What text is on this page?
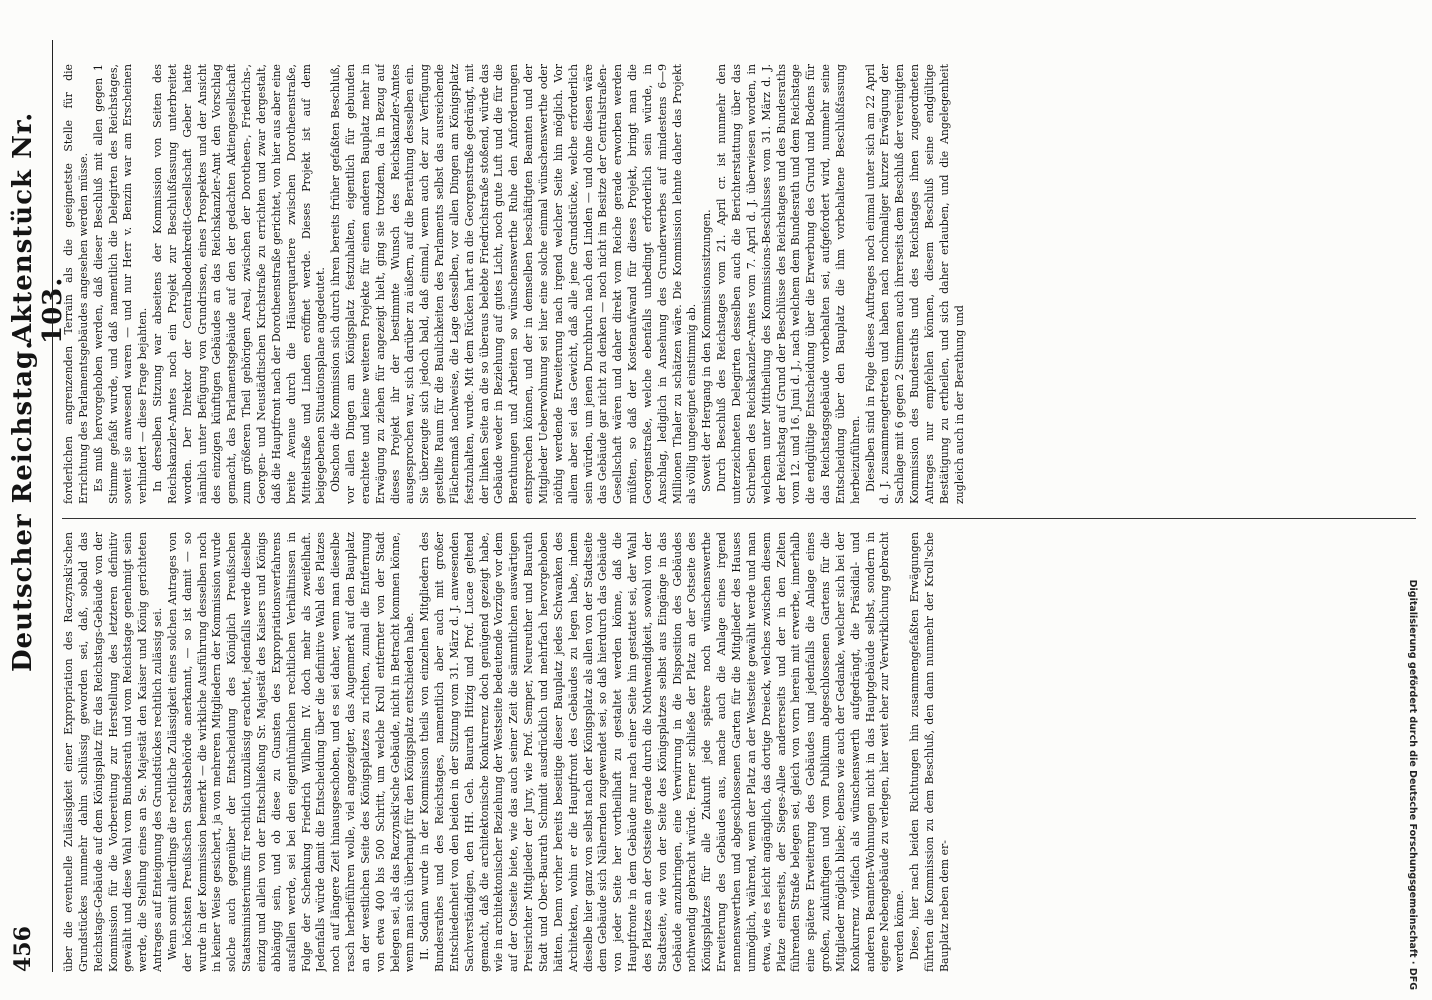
456
Deutscher Reichstag.
Aktenstück Nr. 103.

über die eventuelle Zulässigkeit einer Expropriation des Raczynski'schen Grundstückes nunmehr dahin schlüssig geworden sei, daß, sobald das Reichstags-Gebäude auf dem Königsplatz für das Reichstags-Gebäude von der Kommission für die Vorbereitung zur Herstellung des letzteren definitiv gewählt und diese Wahl vom Bundesrath und vom Reichstage genehmigt sein werde, die Stellung eines an Se. Majestät den Kaiser und König gerichteten Antrages auf Enteignung des Grundstückes rechtlich zulässig sei. Wenn somit allerdings die rechtliche Zulässigkeit eines solchen Antrages von der höchsten Preußischen Staatsbehörde anerkannt, — so ist damit — so wurde in der Kommission bemerkt — die wirkliche Ausführung desselben noch in keiner Weise gesichert, ja von mehreren Mitgliedern der Kommission wurde solche auch gegenüber der Entscheidung des Königlich Preußischen Staatsministeriums für rechtlich unzulässig erachtet, jedenfalls werde dieselbe einzig und allein von der Entschließung Sr. Majestät des Kaisers und Königs abhängig sein, und ob diese zu Gunsten des Expropriationsverfahrens ausfallen werde, sei bei den eigenthümlichen rechtlichen Verhältnissen in Folge der Schenkung Friedrich Wilhelm IV. doch mehr als zweifelhaft. Jedenfalls würde damit die Entscheidung über die definitive Wahl des Platzes noch auf längere Zeit hinausgeschoben, und es sei daher, wenn man dieselbe rasch herbeiführen wolle, viel angezeigter, das Augenmerk auf den Bauplatz an der westlichen Seite des Königsplatzes zu richten, zumal die Entfernung von etwa 400 bis 500 Schritt, um welche Kroll entfernter von der Stadt belegen sei, als das Raczynski'sche Gebäude, nicht in Betracht kommen könne, wenn man sich überhaupt für den Königsplatz entschieden habe. II. Sodann wurde in der Kommission theils von einzelnen Mitgliedern des Bundesrathes und des Reichstages, namentlich aber auch mit großer Entschiedenheit von den beiden in der Sitzung vom 31. März d. J. anwesenden Sachverständigen, den HH. Geh. Baurath Hitzig und Prof. Lucae geltend gemacht, daß die architektonische Konkurrenz doch genügend gezeigt habe, wie in architektonischer Beziehung der Westseite bedeutende Vorzüge vor dem auf der Ostseite biete, wie das auch seiner Zeit die sämmtlichen auswärtigen Preisrichter Mitglieder der Jury, wie Prof. Semper, Neureuther und Baurath Stadt und Ober-Baurath Schmidt ausdrücklich und mehrfach hervorgehoben hätten. Denn vorher bereits beseitige dieser Bauplatz jedes Schwanken des Architekten, wohin er die Hauptfront des Gebäudes zu legen habe, indem dieselbe hier ganz von selbst nach der Königsplatz als allen von der Stadtseite dem Gebäude sich Nähernden zugewendet sei, so daß hierdurch das Gebäude von jeder Seite her vortheilhaft zu gestaltet werden könne, daß die Hauptfronte in dem Gebäude nur nach einer Seite hin gestattet sei, der Wahl des Platzes an der Ostseite gerade durch die Nothwendigkeit, sowohl von der Stadtseite, wie von der Seite des Königsplatzes selbst aus Eingänge in das Gebäude anzubringen, eine Verwirrung in die Disposition des Gebäudes nothwendig gebracht würde. Ferner schließe der Platz an der Ostseite des Königsplatzes für alle Zukunft jede spätere noch wünschenswerthe Erweiterung des Gebäudes aus, mache auch die Anlage eines irgend nennenswerthen und abgeschlossenen Garten für die Mitglieder des Hauses unmöglich, während, wenn der Platz an der Westseite gewählt werde und man etwa, wie es leicht angänglich, das dortige Dreieck, welches zwischen diesem Platze einerseits, der Sieges-Allee andererseits und der in den Zelten führenden Straße belegen sei, gleich von vorn herein mit erwerbe, innerhalb eine spätere Erweiterung des Gebäudes und jedenfalls die Anlage eines großen, zukünftigen und vom Publikum abgeschlossenen Gartens für die Mitglieder möglich bliebe; ebenso wie auch der Gedanke, welcher sich bei der Konkurrenz vielfach als wünschenswerth aufgedrängt, die Präsidial- und anderen Beamten-Wohnungen nicht in das Hauptgebäude selbst, sondern in eigene Nebengebäude zu verlegen, hier weit eher zur Verwirklichung gebracht werden könne. Diese, hier nach beiden Richtungen hin zusammengefaßten Erwägungen führten die Kommission zu dem Beschluß, den dann nunmehr der Kroll'sche Bauplatz neben dem er-

forderlichen angrenzenden Terrain als die geeignetste Stelle für die Errichtung des Parlamentsgebäudes angesehen werden müsse. Es muß hervorgehoben werden, daß dieser Beschluß mit allen gegen 1 Stimme gefaßt wurde, und daß namentlich die Delegirten des Reichstages, soweit sie anwesend waren — und nur Herr v. Benzin war am Erscheinen verhindert — diese Frage bejahten. In derselben Sitzung war abseitens der Kommission von Seiten des Reichskanzler-Amtes noch ein Projekt zur Beschlußfassung unterbreitet worden. Der Direktor der Centralbodenkredit-Gesellschaft Geber hatte nämlich unter Befügung von Grundrissen, eines Prospektes und der Ansicht des einzigen künftigen Gebäudes an das Reichskanzler-Amt den Vorschlag gemacht, das Parlamentsgebäude auf den der gedachten Aktiengesellschaft zum größeren Theil gehörigen Areal, zwischen der Dorotheen-, Friedrichs-, Georgen- und Neustädtischen Kirchstraße zu errichten und zwar dergestalt, daß die Hauptfront nach der Dorotheenstraße gerichtet, von hier aus aber eine breite Avenue durch die Häuserquartiere zwischen Dorotheenstraße, Mittelstraße und Linden eröffnet werde. Dieses Projekt ist auf dem beigegebenen Situationsplane angedeutet. Obschon die Kommission sich durch ihren bereits früher gefaßten Beschluß, vor allen Dingen am Königsplatz festzuhalten, eigentlich für gebunden erachtete und keine weiteren Projekte für einen anderen Bauplatz mehr in Erwägung zu ziehen für angezeigt hielt, ging sie trotzdem, da in Bezug auf dieses Projekt ihr der bestimmte Wunsch des Reichskanzler-Amtes ausgesprochen war, sich darüber zu äußern, auf die Berathung desselben ein. Sie überzeugte sich jedoch bald, daß einmal, wenn auch der zur Verfügung gestellte Raum für die Baulichkeiten des Parlaments selbst das ausreichende Flächenmaß nachweise, die Lage desselben, vor allen Dingen am Königsplatz festzuhalten, wurde. Mit dem Rücken hart an die Georgenstraße gedrängt, mit der linken Seite an die so überaus belebte Friedrichstraße stoßend, würde das Gebäude weder in Beziehung auf gutes Licht, noch gute Luft und die für die Berathungen und Arbeiten so wünschenswerthe Ruhe den Anforderungen entsprechen können, und der in demselben beschäftigten Beamten und der Mitglieder Ueberwohnung sei hier eine solche einmal wünschenswerthe oder nöthig werdende Erweiterung nach irgend welcher Seite hin möglich. Vor allem aber sei das Gewicht, daß alle jene Grundstücke, welche erforderlich sein würden, um jenen Durchbruch nach den Linden — und ohne diesen wäre das Gebäude gar nicht zu denken — noch nicht im Besitze der Centralstraßen-Gesellschaft wären und daher direkt vom Reiche gerade erworben werden müßten, so daß der Kostenaufwand für dieses Projekt, bringt man die Georgenstraße, welche ebenfalls unbedingt erforderlich sein würde, in Anschlag, lediglich in Ansehung des Grunderwerbes auf mindestens 6—9 Millionen Thaler zu schätzen wäre. Die Kommission lehnte daher das Projekt als völlig ungeeignet einstimmig ab. Soweit der Hergang in den Kommissionssitzungen. Durch Beschluß des Reichstages vom 21. April cr. ist nunmehr den unterzeichneten Delegirten desselben auch die Berichterstattung über das Schreiben des Reichskanzler-Amtes vom 7. April d. J. überwiesen worden, in welchem unter Mittheilung des Kommissions-Beschlusses vom 31. März d. J. der Reichstag auf Grund der Beschlüsse des Reichstages und des Bundesraths vom 12. und 16. Juni d. J., nach welchem dem Bundesrath und dem Reichstage die endgültige Entscheidung über die Erwerbung des Grund und Bodens für das Reichstagsgebäude vorbehalten sei, aufgefordert wird, nunmehr seine Entscheidung über den Bauplatz die ihm vorbehaltene Beschlußfassung herbeizuführen. Dieselben sind in Folge dieses Auftrages noch einmal unter sich am 22 April d. J. zusammengetreten und haben nach nochmaliger kurzer Erwägung der Sachlage mit 6 gegen 2 Stimmen auch ihrerseits dem Beschluß der vereinigten Kommission des Bundesraths und des Reichstages ihnen zugeordneten Antrages nur empfehlen können, diesem Beschluß seine endgültige Bestätigung zu ertheilen, und sich daher erlauben, und die Angelegenheit zugleich auch in der Berathung und

Digitalisierung gefördert durch die Deutsche Forschungsgemeinschaft · DFG
